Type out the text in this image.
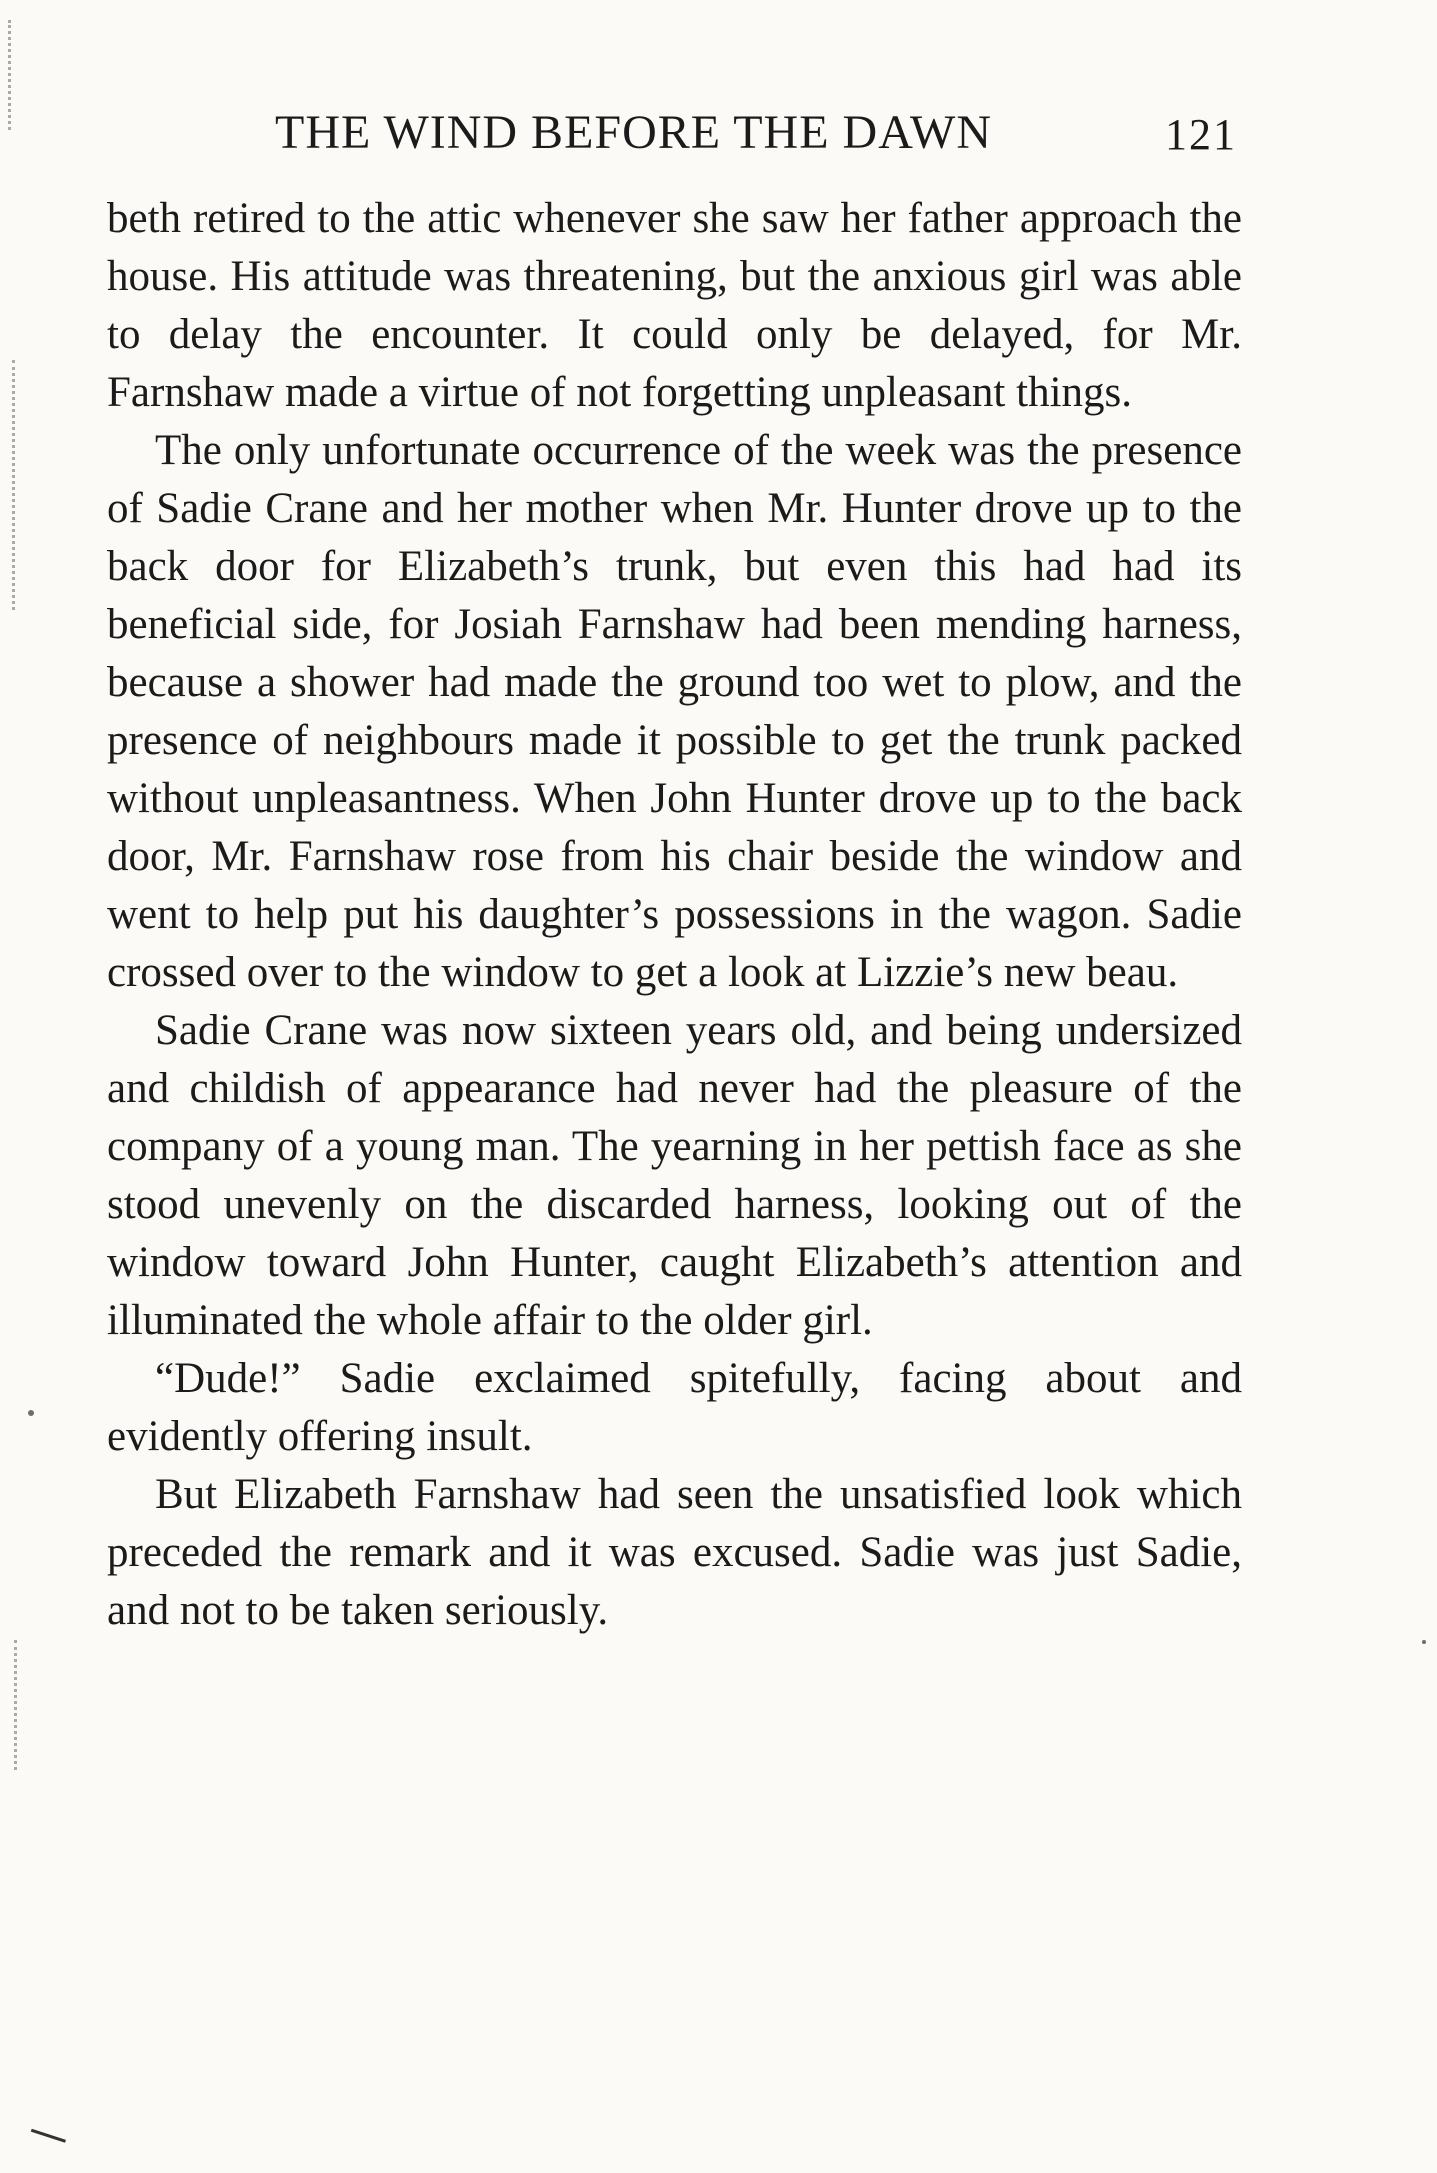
THE WIND BEFORE THE DAWN	121

beth retired to the attic whenever she saw her father approach the house. His attitude was threatening, but the anxious girl was able to delay the encounter. It could only be delayed, for Mr. Farnshaw made a virtue of not forgetting unpleasant things.

The only unfortunate occurrence of the week was the presence of Sadie Crane and her mother when Mr. Hunter drove up to the back door for Elizabeth’s trunk, but even this had had its beneficial side, for Josiah Farnshaw had been mending harness, because a shower had made the ground too wet to plow, and the presence of neighbours made it possible to get the trunk packed without unpleasantness. When John Hunter drove up to the back door, Mr. Farnshaw rose from his chair beside the window and went to help put his daughter’s possessions in the wagon. Sadie crossed over to the window to get a look at Lizzie’s new beau.

Sadie Crane was now sixteen years old, and being undersized and childish of appearance had never had the pleasure of the company of a young man. The yearning in her pettish face as she stood unevenly on the discarded harness, looking out of the window toward John Hunter, caught Elizabeth’s attention and illuminated the whole affair to the older girl.

“Dude!” Sadie exclaimed spitefully, facing about and evidently offering insult.

But Elizabeth Farnshaw had seen the unsatisfied look which preceded the remark and it was excused. Sadie was just Sadie, and not to be taken seriously.
